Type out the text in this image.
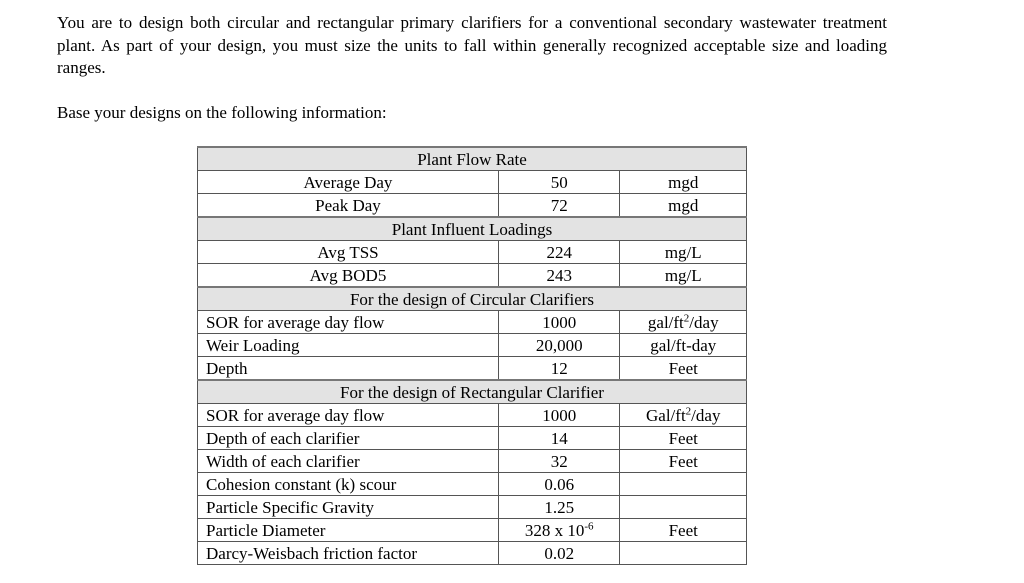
You are to design both circular and rectangular primary clarifiers for a conventional secondary wastewater treatment plant. As part of your design, you must size the units to fall within generally recognized acceptable size and loading ranges.

Base your designs on the following information:

Plant Flow Rate		
Average Day	50	mgd
Peak Day	72	mgd
Plant Influent Loadings		
Avg TSS	224	mg/L
Avg BOD5	243	mg/L
For the design of Circular Clarifiers		
SOR for average day flow	1000	gal/$ft^2$/day
Weir Loading	20,000	gal/ft-day
Depth	12	Feet
For the design of Rectangular Clarifier		
SOR for average day flow	1000	Gal/$ft^2$/day
Depth of each clarifier	14	Feet
Width of each clarifier	32	Feet
Cohesion constant (k) scour	0.06	
Particle Specific Gravity	1.25	
Particle Diameter	328 x $10^{-6}$	Feet
Darcy-Weisbach friction factor	0.02	
